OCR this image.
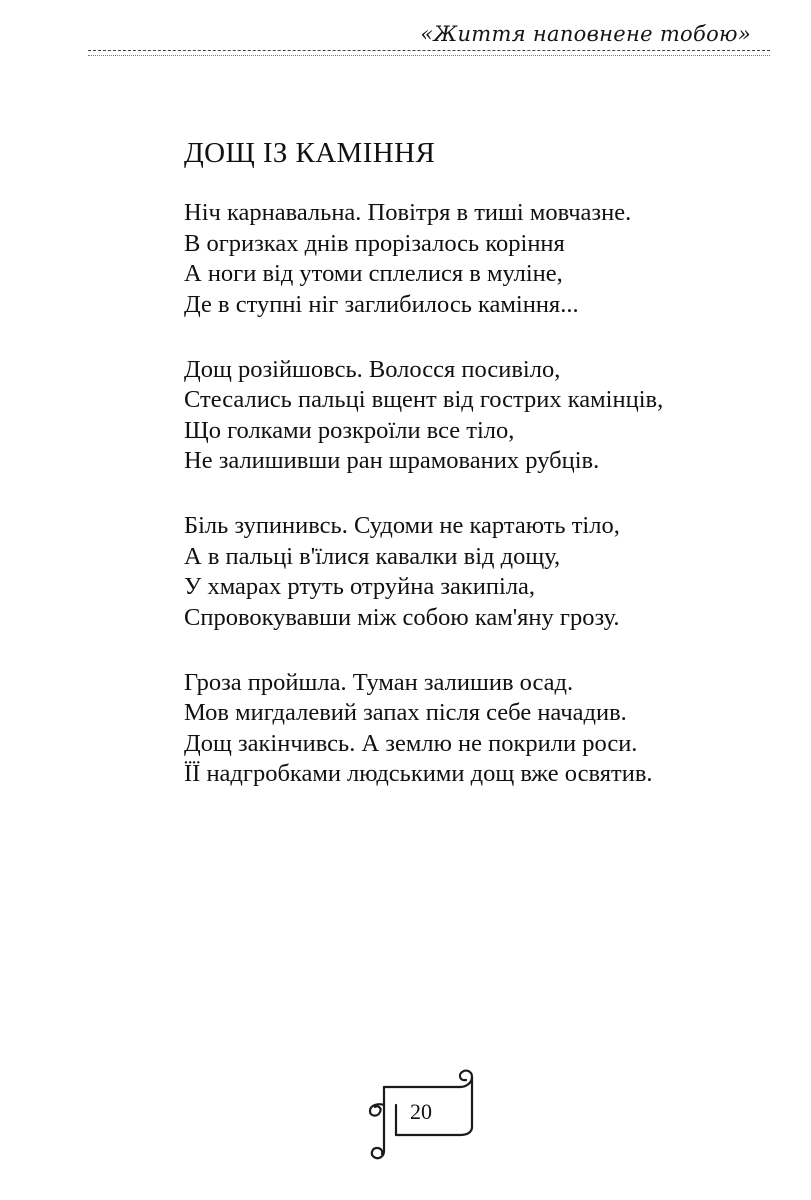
«Життя наповнене тобою»
ДОЩ ІЗ КАМІННЯ
Ніч карнавальна. Повітря в тиші мовчазне.
В огризках днів прорізалось коріння
А ноги від утоми сплелися в муліне,
Де в ступні ніг заглибилось каміння...
Дощ розійшовсь. Волосся посивіло,
Стесались пальці вщент від гострих камінців,
Що голками розкроїли все тіло,
Не залишивши ран шрамованих рубців.
Біль зупинивсь. Судоми не картають тіло,
А в пальці в'їлися кавалки від дощу,
У хмарах ртуть отруйна закипіла,
Спровокувавши між собою кам'яну грозу.
Гроза пройшла. Туман залишив осад.
Мов мигдалевий запах після себе начадив.
Дощ закінчивсь. А землю не покрили роси.
ЇЇ надгробками людськими дощ вже освятив.
20
